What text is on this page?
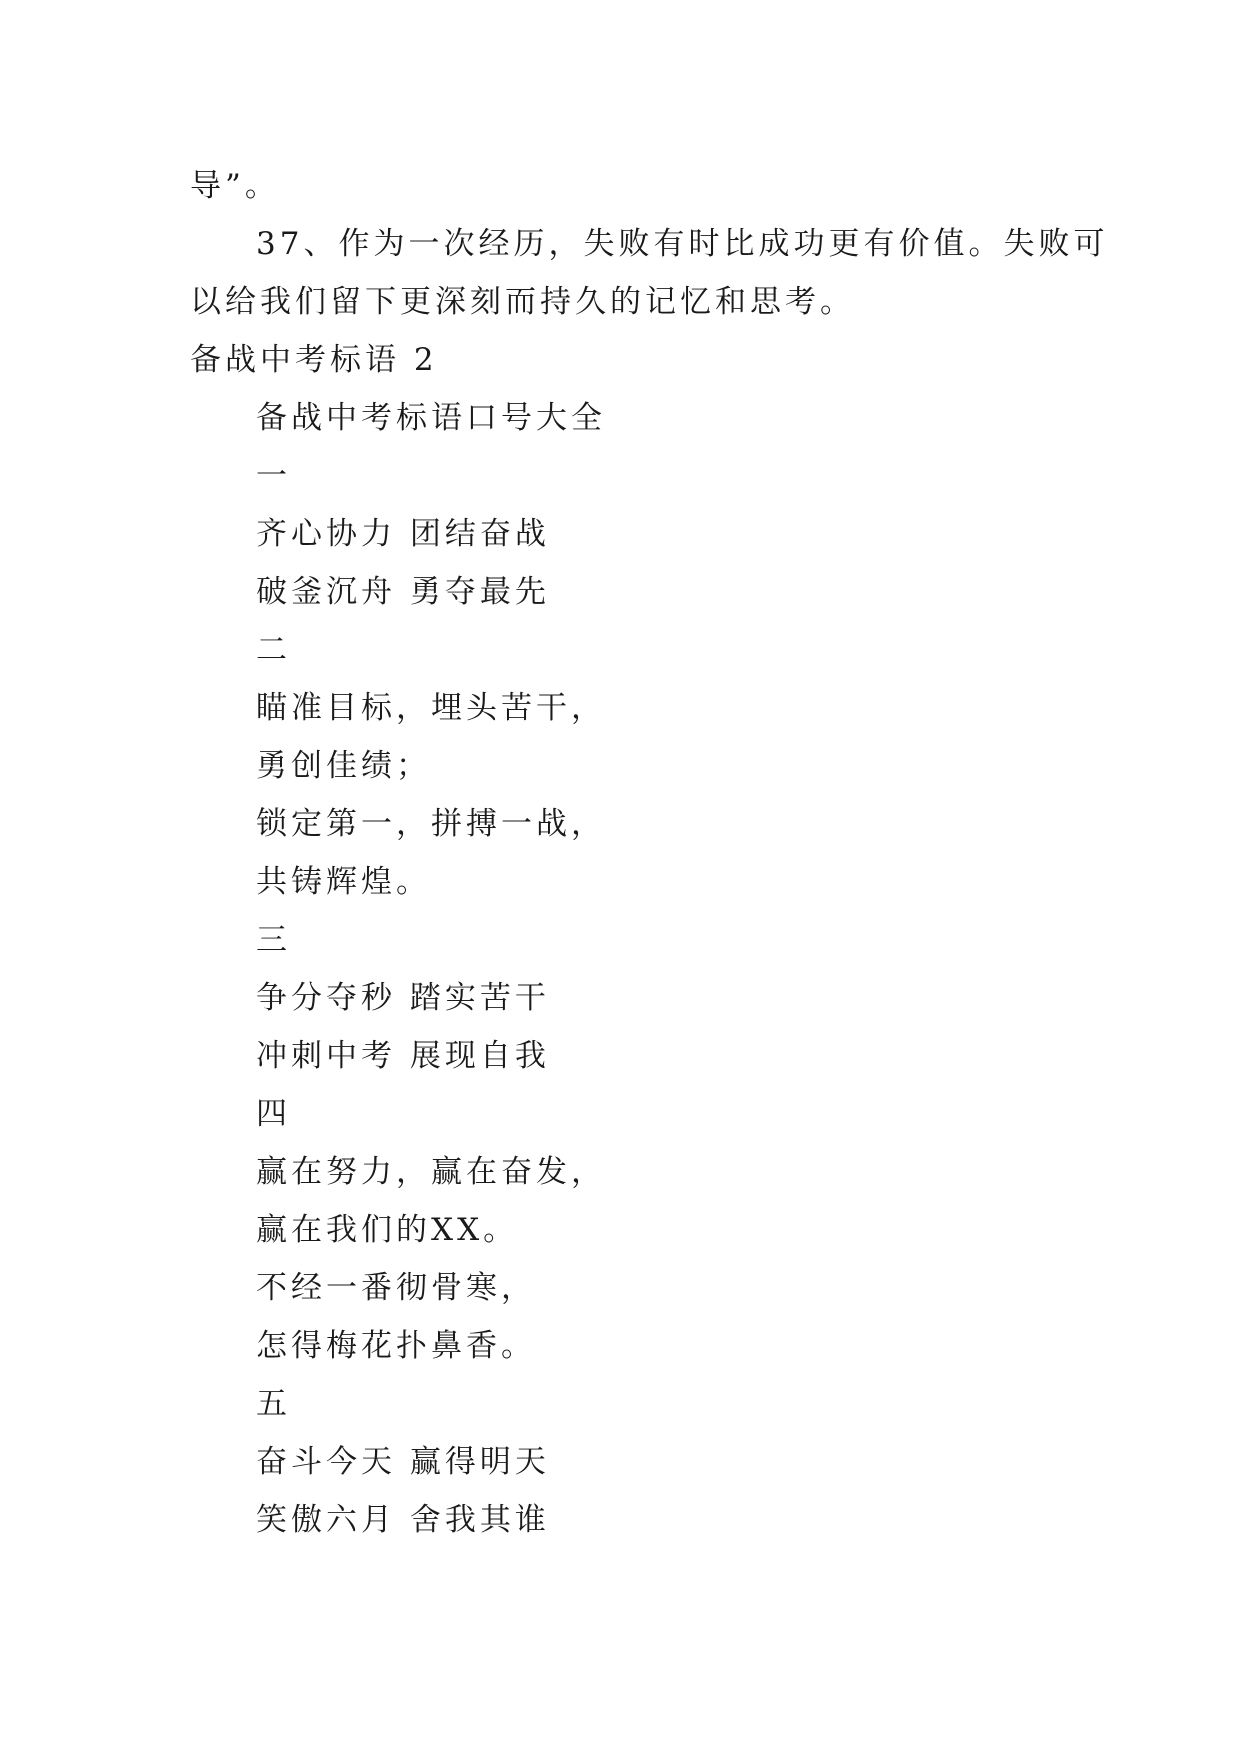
导”。
37、作为一次经历，失败有时比成功更有价值。失败可
以给我们留下更深刻而持久的记忆和思考。
备战中考标语 2
备战中考标语口号大全
一
齐心协力 团结奋战
破釜沉舟 勇夺最先
二
瞄准目标，埋头苦干，
勇创佳绩；
锁定第一，拼搏一战，
共铸辉煌。
三
争分夺秒 踏实苦干
冲刺中考 展现自我
四
赢在努力，赢在奋发，
赢在我们的XX。
不经一番彻骨寒，
怎得梅花扑鼻香。
五
奋斗今天 赢得明天
笑傲六月 舍我其谁
